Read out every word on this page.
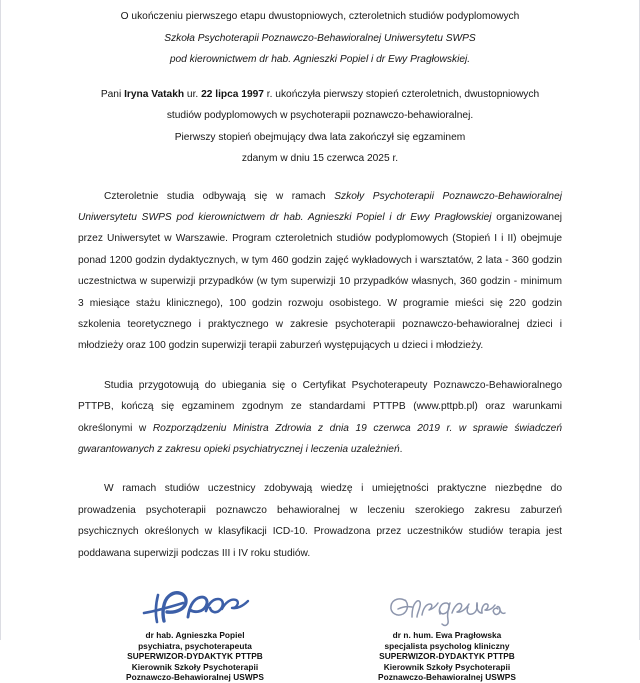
O ukończeniu pierwszego etapu dwustopniowych, czteroletnich studiów podyplomowych
Szkoła Psychoterapii Poznawczo-Behawioralnej Uniwersytetu SWPS
pod kierownictwem dr hab. Agnieszki Popiel i dr Ewy Pragłowskiej.
Pani Iryna Vatakh ur. 22 lipca 1997 r. ukończyła pierwszy stopień czteroletnich, dwustopniowych
studiów podyplomowych w psychoterapii poznawczo-behawioralnej.
Pierwszy stopień obejmujący dwa lata zakończył się egzaminem
zdanym w dniu 15 czerwca 2025 r.

Czteroletnie studia odbywają się w ramach Szkoły Psychoterapii Poznawczo-Behawioralnej Uniwersytetu SWPS pod kierownictwem dr hab. Agnieszki Popiel i dr Ewy Pragłowskiej organizowanej przez Uniwersytet w Warszawie. Program czteroletnich studiów podyplomowych (Stopień I i II) obejmuje ponad 1200 godzin dydaktycznych, w tym 460 godzin zajęć wykładowych i warsztatów, 2 lata - 360 godzin uczestnictwa w superwizji przypadków (w tym superwizji 10 przypadków własnych, 360 godzin - minimum 3 miesiące stażu klinicznego), 100 godzin rozwoju osobistego. W programie mieści się 220 godzin szkolenia teoretycznego i praktycznego w zakresie psychoterapii poznawczo-behawioralnej dzieci i młodzieży oraz 100 godzin superwizji terapii zaburzeń występujących u dzieci i młodzieży.

Studia przygotowują do ubiegania się o Certyfikat Psychoterapeuty Poznawczo-Behawioralnego PTTPB, kończą się egzaminem zgodnym ze standardami PTTPB (www.pttpb.pl) oraz warunkami określonymi w Rozporządzeniu Ministra Zdrowia z dnia 19 czerwca 2019 r. w sprawie świadczeń gwarantowanych z zakresu opieki psychiatrycznej i leczenia uzależnień.

W ramach studiów uczestnicy zdobywają wiedzę i umiejętności praktyczne niezbędne do prowadzenia psychoterapii poznawczo behawioralnej w leczeniu szerokiego zakresu zaburzeń psychicznych określonych w klasyfikacji ICD-10. Prowadzona przez uczestników studiów terapia jest poddawana superwizji podczas III i IV roku studiów.

dr hab. Agnieszka Popiel
psychiatra, psychoterapeuta
SUPERWIZOR-DYDAKTYK PTTPB
Kierownik Szkoły Psychoterapii
Poznawczo-Behawioralnej USWPS
dr n. hum. Ewa Pragłowska
specjalista psycholog kliniczny
SUPERWIZOR-DYDAKTYK PTTPB
Kierownik Szkoły Psychoterapii
Poznawczo-Behawioralnej USWPS
